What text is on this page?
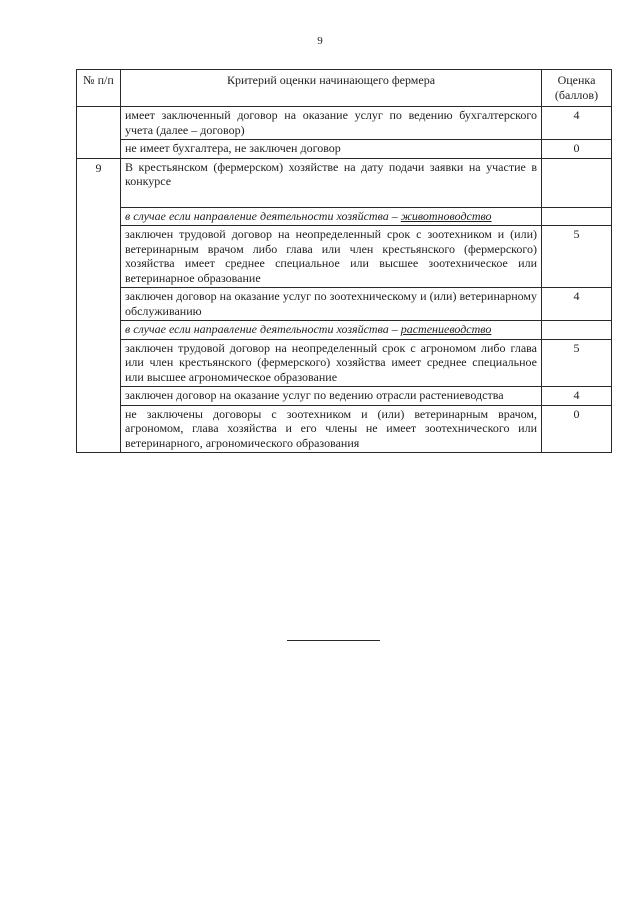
9
№ п/п	Критерий оценки начинающего фермера	Оценка (баллов)
	имеет заключенный договор на оказание услуг по ведению бухгалтерского учета (далее – договор)	4
	не имеет бухгалтера, не заключен договор	0
9	В крестьянском (фермерском) хозяйстве на дату подачи заявки на участие в конкурсе	
	в случае если направление деятельности хозяйства – животноводство	
	заключен трудовой договор на неопределенный срок с зоотехником и (или) ветеринарным врачом либо глава или член крестьянского (фермерского) хозяйства имеет среднее специальное или высшее зоотехническое или ветеринарное образование	5
	заключен договор на оказание услуг по зоотехническому и (или) ветеринарному обслуживанию	4
	в случае если направление деятельности хозяйства – растениеводство	
	заключен трудовой договор на неопределенный срок с агрономом либо глава или член крестьянского (фермерского) хозяйства имеет среднее специальное или высшее агрономическое образование	5
	заключен договор на оказание услуг по ведению отрасли растениеводства	4
	не заключены договоры с зоотехником и (или) ветеринарным врачом, агрономом, глава хозяйства и его члены не имеет зоотехнического или ветеринарного, агрономического образования	0
